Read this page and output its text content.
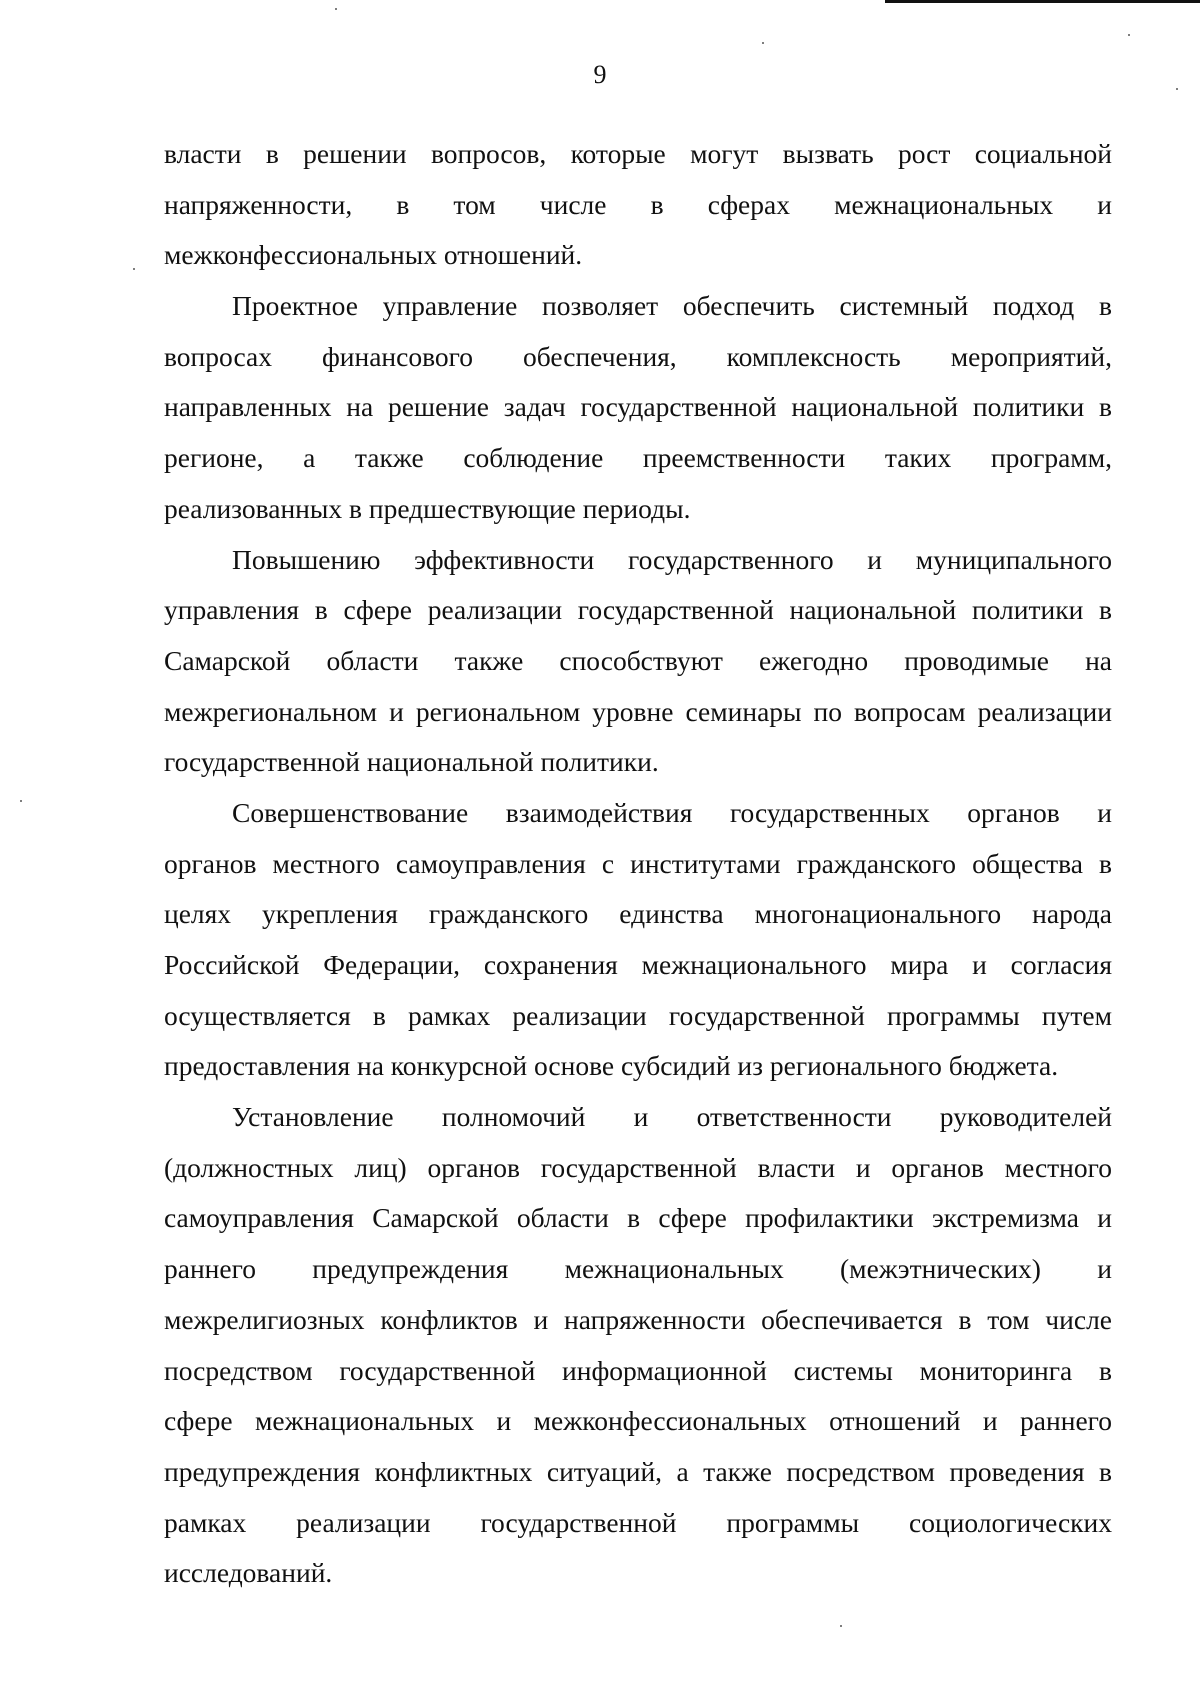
9
власти в решении вопросов, которые могут вызвать рост социальной
напряженности, в том числе в сферах межнациональных и
межконфессиональных отношений.
Проектное управление позволяет обеспечить системный подход в
вопросах финансового обеспечения, комплексность мероприятий,
направленных на решение задач государственной национальной политики в
регионе, а также соблюдение преемственности таких программ,
реализованных в предшествующие периоды.
Повышению эффективности государственного и муниципального
управления в сфере реализации государственной национальной политики в
Самарской области также способствуют ежегодно проводимые на
межрегиональном и региональном уровне семинары по вопросам реализации
государственной национальной политики.
Совершенствование взаимодействия государственных органов и
органов местного самоуправления с институтами гражданского общества в
целях укрепления гражданского единства многонационального народа
Российской Федерации, сохранения межнационального мира и согласия
осуществляется в рамках реализации государственной программы путем
предоставления на конкурсной основе субсидий из регионального бюджета.
Установление полномочий и ответственности руководителей
(должностных лиц) органов государственной власти и органов местного
самоуправления Самарской области в сфере профилактики экстремизма и
раннего предупреждения межнациональных (межэтнических) и
межрелигиозных конфликтов и напряженности обеспечивается в том числе
посредством государственной информационной системы мониторинга в
сфере межнациональных и межконфессиональных отношений и раннего
предупреждения конфликтных ситуаций, а также посредством проведения в
рамках реализации государственной программы социологических
исследований.
